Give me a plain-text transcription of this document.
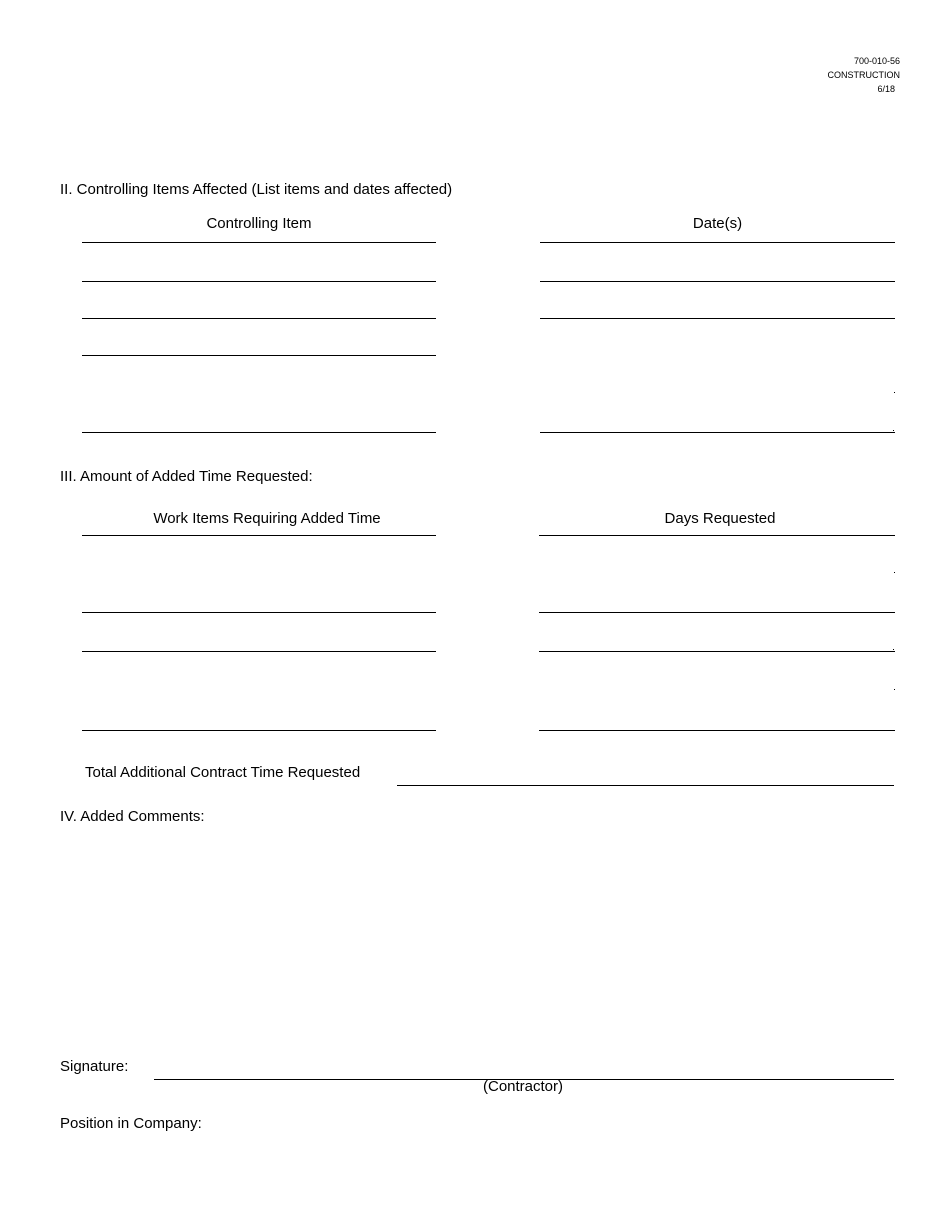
700-010-56
CONSTRUCTION
6/18
II. Controlling Items Affected (List items and dates affected)
Controlling Item	Date(s)
III. Amount of Added Time Requested:
Work Items Requiring Added Time	Days Requested
Total Additional Contract Time Requested
IV. Added Comments:
Signature:
(Contractor)
Position in Company:
